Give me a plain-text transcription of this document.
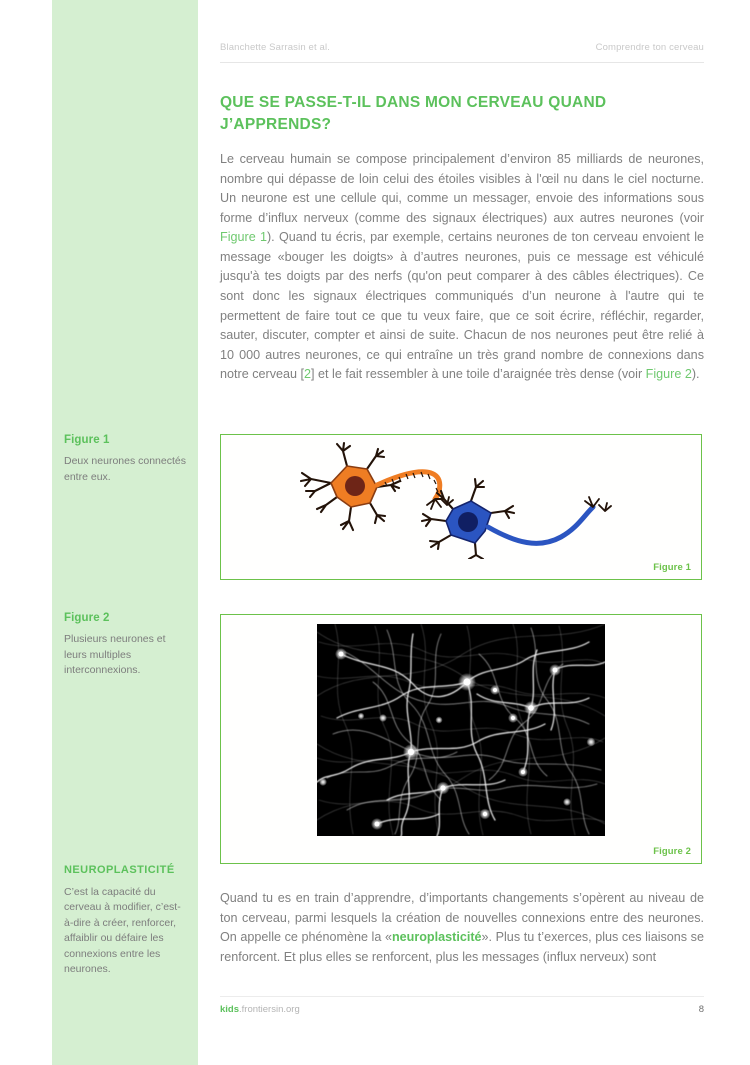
Figure 1

Deux neurones connectés entre eux.

Figure 2

Plusieurs neurones et leurs multiples interconnexions.

NEUROPLASTICITÉ

C’est la capacité du cerveau à modifier, c’est-à-dire à créer, renforcer, affaiblir ou défaire les connexions entre les neurones.

Blanchette Sarrasin et al.	Comprendre ton cerveau
QUE SE PASSE-T-IL DANS MON CERVEAU QUAND J’APPRENDS?

Le cerveau humain se compose principalement d’environ 85 milliards de neurones, nombre qui dépasse de loin celui des étoiles visibles à l'œil nu dans le ciel nocturne. Un neurone est une cellule qui, comme un messager, envoie des informations sous forme d’influx nerveux (comme des signaux électriques) aux autres neurones (voir Figure 1). Quand tu écris, par exemple, certains neurones de ton cerveau envoient le message «bouger les doigts» à d’autres neurones, puis ce message est véhiculé jusqu'à tes doigts par des nerfs (qu'on peut comparer à des câbles électriques). Ce sont donc les signaux électriques communiqués d’un neurone à l'autre qui te permettent de faire tout ce que tu veux faire, que ce soit écrire, réfléchir, regarder, sauter, discuter, compter et ainsi de suite. Chacun de nos neurones peut être relié à 10 000 autres neurones, ce qui entraîne un très grand nombre de connexions dans notre cerveau [2] et le fait ressembler à une toile d’araignée très dense (voir Figure 2).

Figure 1
Figure 2

Quand tu es en train d’apprendre, d’importants changements s’opèrent au niveau de ton cerveau, parmi lesquels la création de nouvelles connexions entre des neurones. On appelle ce phénomène la «neuroplasticité». Plus tu t’exerces, plus ces liaisons se renforcent. Et plus elles se renforcent, plus les messages (influx nerveux) sont

kids.frontiersin.org	8
